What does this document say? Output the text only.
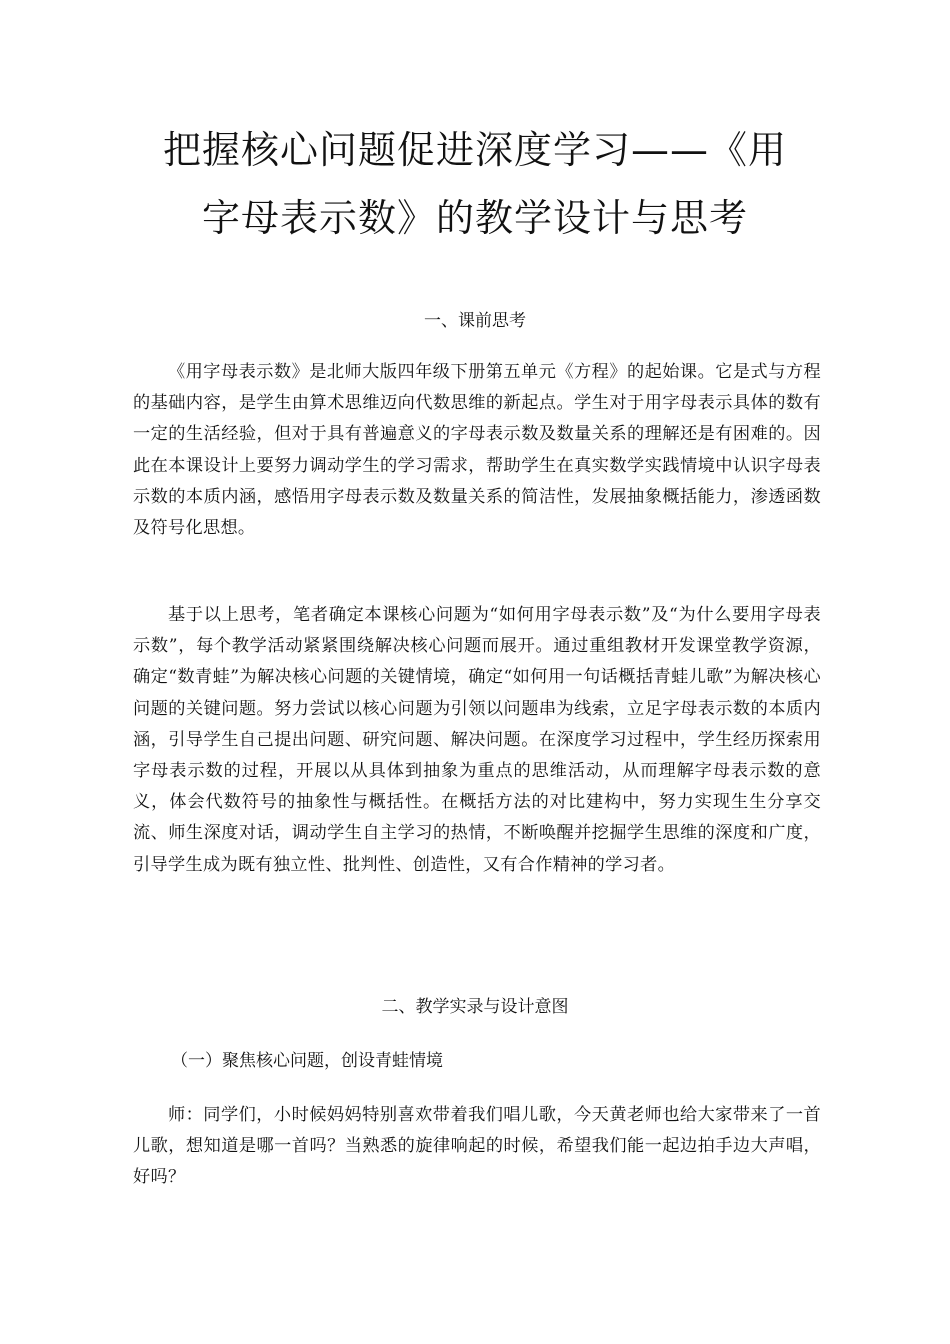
把握核心问题促进深度学习——《用
字母表示数》的教学设计与思考
一、课前思考

《用字母表示数》是北师大版四年级下册第五单元《方程》的起始课。它是式与方程的基础内容，是学生由算术思维迈向代数思维的新起点。学生对于用字母表示具体的数有一定的生活经验，但对于具有普遍意义的字母表示数及数量关系的理解还是有困难的。因此在本课设计上要努力调动学生的学习需求，帮助学生在真实数学实践情境中认识字母表示数的本质内涵，感悟用字母表示数及数量关系的简洁性，发展抽象概括能力，渗透函数及符号化思想。

基于以上思考，笔者确定本课核心问题为“如何用字母表示数”及“为什么要用字母表示数”，每个教学活动紧紧围绕解决核心问题而展开。通过重组教材开发课堂教学资源，确定“数青蛙”为解决核心问题的关键情境，确定“如何用一句话概括青蛙儿歌”为解决核心问题的关键问题。努力尝试以核心问题为引领以问题串为线索，立足字母表示数的本质内涵，引导学生自己提出问题、研究问题、解决问题。在深度学习过程中，学生经历探索用字母表示数的过程，开展以从具体到抽象为重点的思维活动，从而理解字母表示数的意义，体会代数符号的抽象性与概括性。在概括方法的对比建构中，努力实现生生分享交流、师生深度对话，调动学生自主学习的热情，不断唤醒并挖掘学生思维的深度和广度，引导学生成为既有独立性、批判性、创造性，又有合作精神的学习者。

二、教学实录与设计意图
（一）聚焦核心问题，创设青蛙情境

师：同学们，小时候妈妈特别喜欢带着我们唱儿歌，今天黄老师也给大家带来了一首儿歌，想知道是哪一首吗？当熟悉的旋律响起的时候，希望我们能一起边拍手边大声唱，好吗？
